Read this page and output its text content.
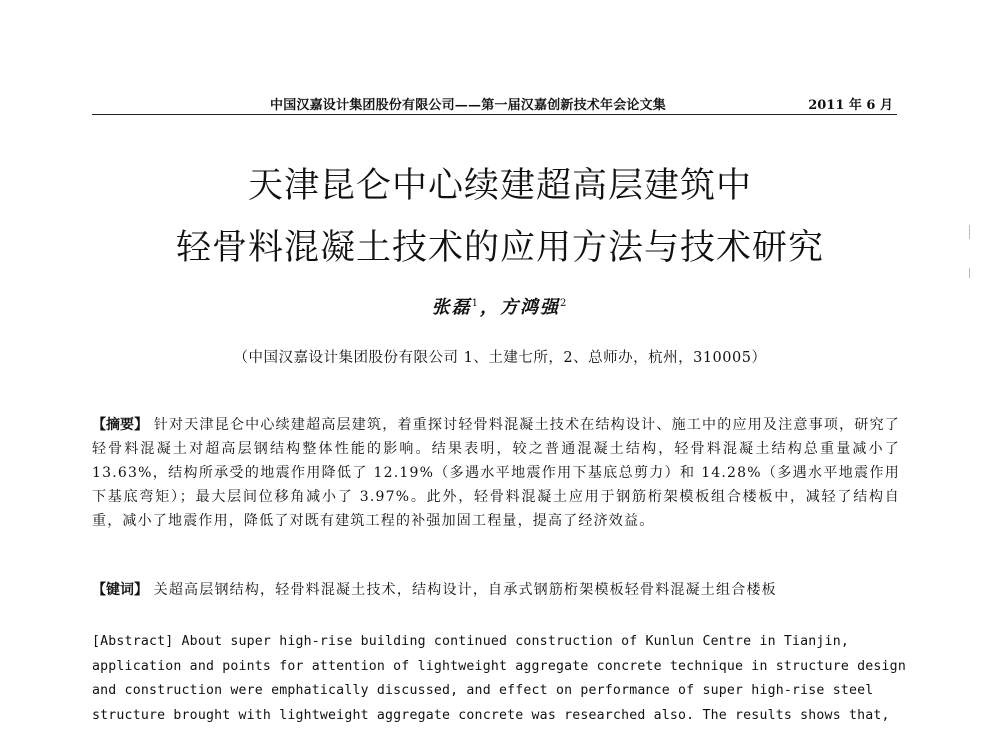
中国汉嘉设计集团股份有限公司——第一届汉嘉创新技术年会论文集	2011 年 6 月
天津昆仑中心续建超高层建筑中
轻骨料混凝土技术的应用方法与技术研究
张磊$^1$，方鸿强$^2$
（中国汉嘉设计集团股份有限公司 1、土建七所，2、总师办，杭州，310005）
【摘要】 针对天津昆仑中心续建超高层建筑，着重探讨轻骨料混凝土技术在结构设计、施工中的应用及注意事项，研究了轻骨料混凝土对超高层钢结构整体性能的影响。结果表明，较之普通混凝土结构，轻骨料混凝土结构总重量减小了 13.63%，结构所承受的地震作用降低了 12.19%（多遇水平地震作用下基底总剪力）和 14.28%（多遇水平地震作用下基底弯矩）；最大层间位移角减小了 3.97%。此外，轻骨料混凝土应用于钢筋桁架模板组合楼板中，减轻了结构自重，减小了地震作用，降低了对既有建筑工程的补强加固工程量，提高了经济效益。
【键词】 关超高层钢结构，轻骨料混凝土技术，结构设计，自承式钢筋桁架模板轻骨料混凝土组合楼板
[Abstract] About super high-rise building continued construction of Kunlun Centre in Tianjin,
application and points for attention of lightweight aggregate concrete technique in structure design
and construction were emphatically discussed, and effect on performance of super high-rise steel
structure brought with lightweight aggregate concrete was researched also. The results shows that,
